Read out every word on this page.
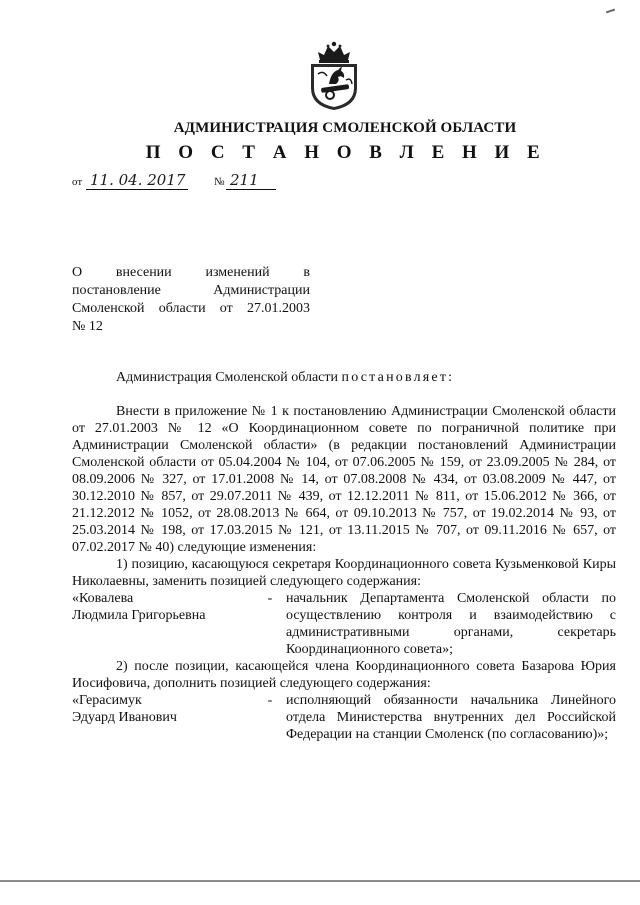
АДМИНИСТРАЦИЯ СМОЛЕНСКОЙ ОБЛАСТИ
П О С Т А Н О В Л Е Н И Е
от 11. 04. 2017	№ 211
О внесении изменений в
постановление Администрации
Смоленской области от 27.01.2003
№ 12
Администрация Смоленской области постановляет:
Внести в приложение № 1 к постановлению Администрации Смоленской области от 27.01.2003 № 12 «О Координационном совете по пограничной политике при Администрации Смоленской области» (в редакции постановлений Администрации Смоленской области от 05.04.2004 № 104, от 07.06.2005 № 159, от 23.09.2005 № 284, от 08.09.2006 № 327, от 17.01.2008 № 14, от 07.08.2008 № 434, от 03.08.2009 № 447, от 30.12.2010 № 857, от 29.07.2011 № 439, от 12.12.2011 № 811, от 15.06.2012 № 366, от 21.12.2012 № 1052, от 28.08.2013 № 664, от 09.10.2013 № 757, от 19.02.2014 № 93, от 25.03.2014 № 198, от 17.03.2015 № 121, от 13.11.2015 № 707, от 09.11.2016 № 657, от 07.02.2017 № 40) следующие изменения:
1) позицию, касающуюся секретаря Координационного совета Кузьменковой Киры Николаевны, заменить позицией следующего содержания:
«Ковалева
Людмила Григорьевна
- начальник Департамента Смоленской области по осуществлению контроля и взаимодействию с административными органами, секретарь Координационного совета»;
2) после позиции, касающейся члена Координационного совета Базарова Юрия Иосифовича, дополнить позицией следующего содержания:
«Герасимук
Эдуард Иванович
- исполняющий обязанности начальника Линейного отдела Министерства внутренних дел Российской Федерации на станции Смоленск (по согласованию)»;
